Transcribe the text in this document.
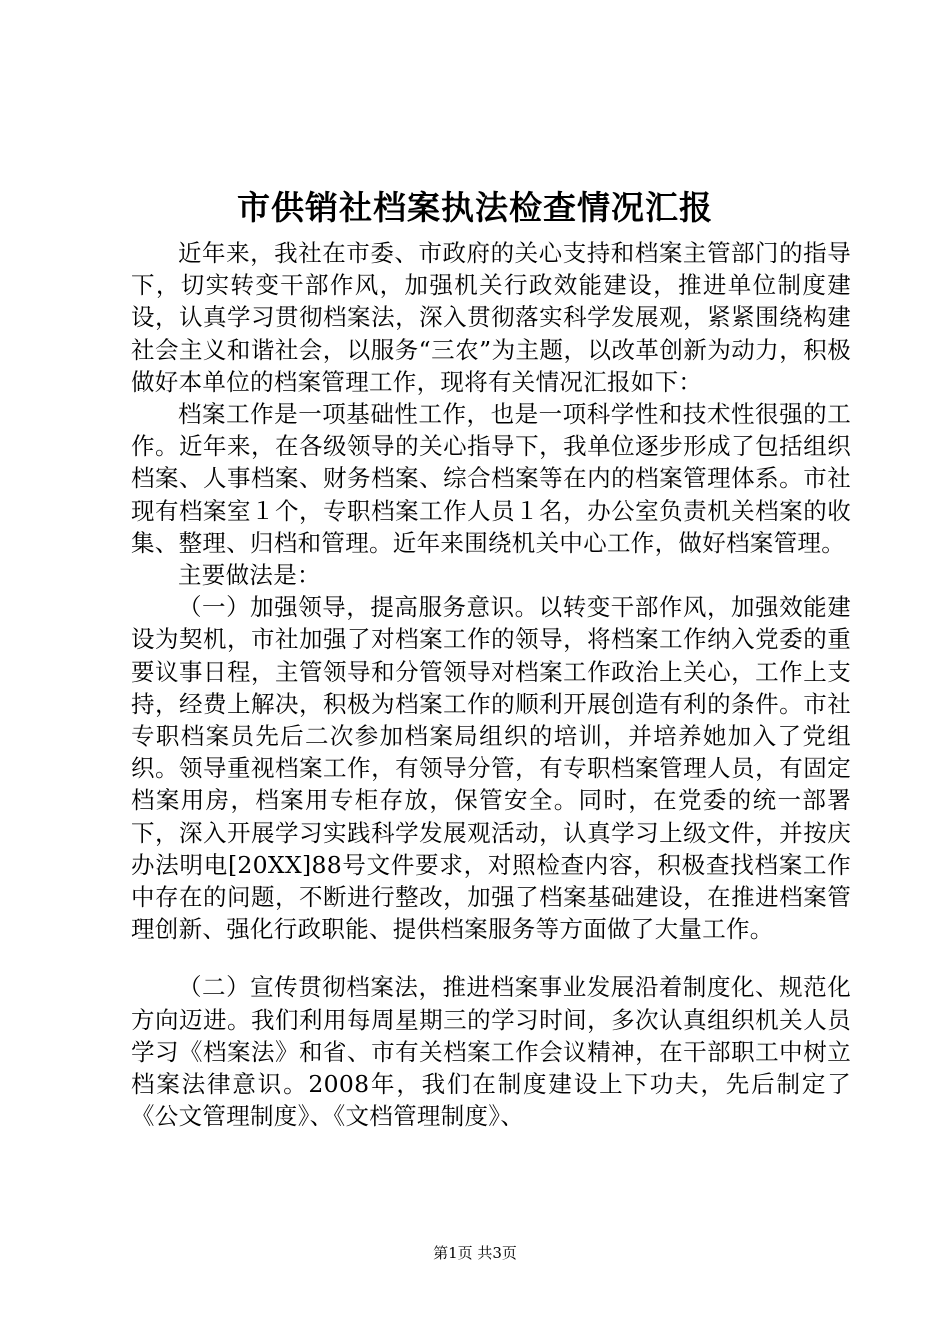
市供销社档案执法检查情况汇报

近年来，我社在市委、市政府的关心支持和档案主管部门的指导下，切实转变干部作风，加强机关行政效能建设，推进单位制度建设，认真学习贯彻档案法，深入贯彻落实科学发展观，紧紧围绕构建社会主义和谐社会，以服务“三农”为主题，以改革创新为动力，积极做好本单位的档案管理工作，现将有关情况汇报如下：

档案工作是一项基础性工作，也是一项科学性和技术性很强的工作。近年来，在各级领导的关心指导下，我单位逐步形成了包括组织档案、人事档案、财务档案、综合档案等在内的档案管理体系。市社现有档案室１个，专职档案工作人员１名，办公室负责机关档案的收集、整理、归档和管理。近年来围绕机关中心工作，做好档案管理。

主要做法是：

（一）加强领导，提高服务意识。以转变干部作风，加强效能建设为契机，市社加强了对档案工作的领导，将档案工作纳入党委的重要议事日程，主管领导和分管领导对档案工作政治上关心，工作上支持，经费上解决，积极为档案工作的顺利开展创造有利的条件。市社专职档案员先后二次参加档案局组织的培训，并培养她加入了党组织。领导重视档案工作，有领导分管，有专职档案管理人员，有固定档案用房，档案用专柜存放，保管安全。同时，在党委的统一部署下，深入开展学习实践科学发展观活动，认真学习上级文件，并按庆办法明电[20XX]88号文件要求，对照检查内容，积极查找档案工作中存在的问题，不断进行整改，加强了档案基础建设，在推进档案管理创新、强化行政职能、提供档案服务等方面做了大量工作。

（二）宣传贯彻档案法，推进档案事业发展沿着制度化、规范化方向迈进。我们利用每周星期三的学习时间，多次认真组织机关人员学习《档案法》和省、市有关档案工作会议精神，在干部职工中树立档案法律意识。2008年，我们在制度建设上下功夫，先后制定了《公文管理制度》、《文档管理制度》、

第1页 共3页
